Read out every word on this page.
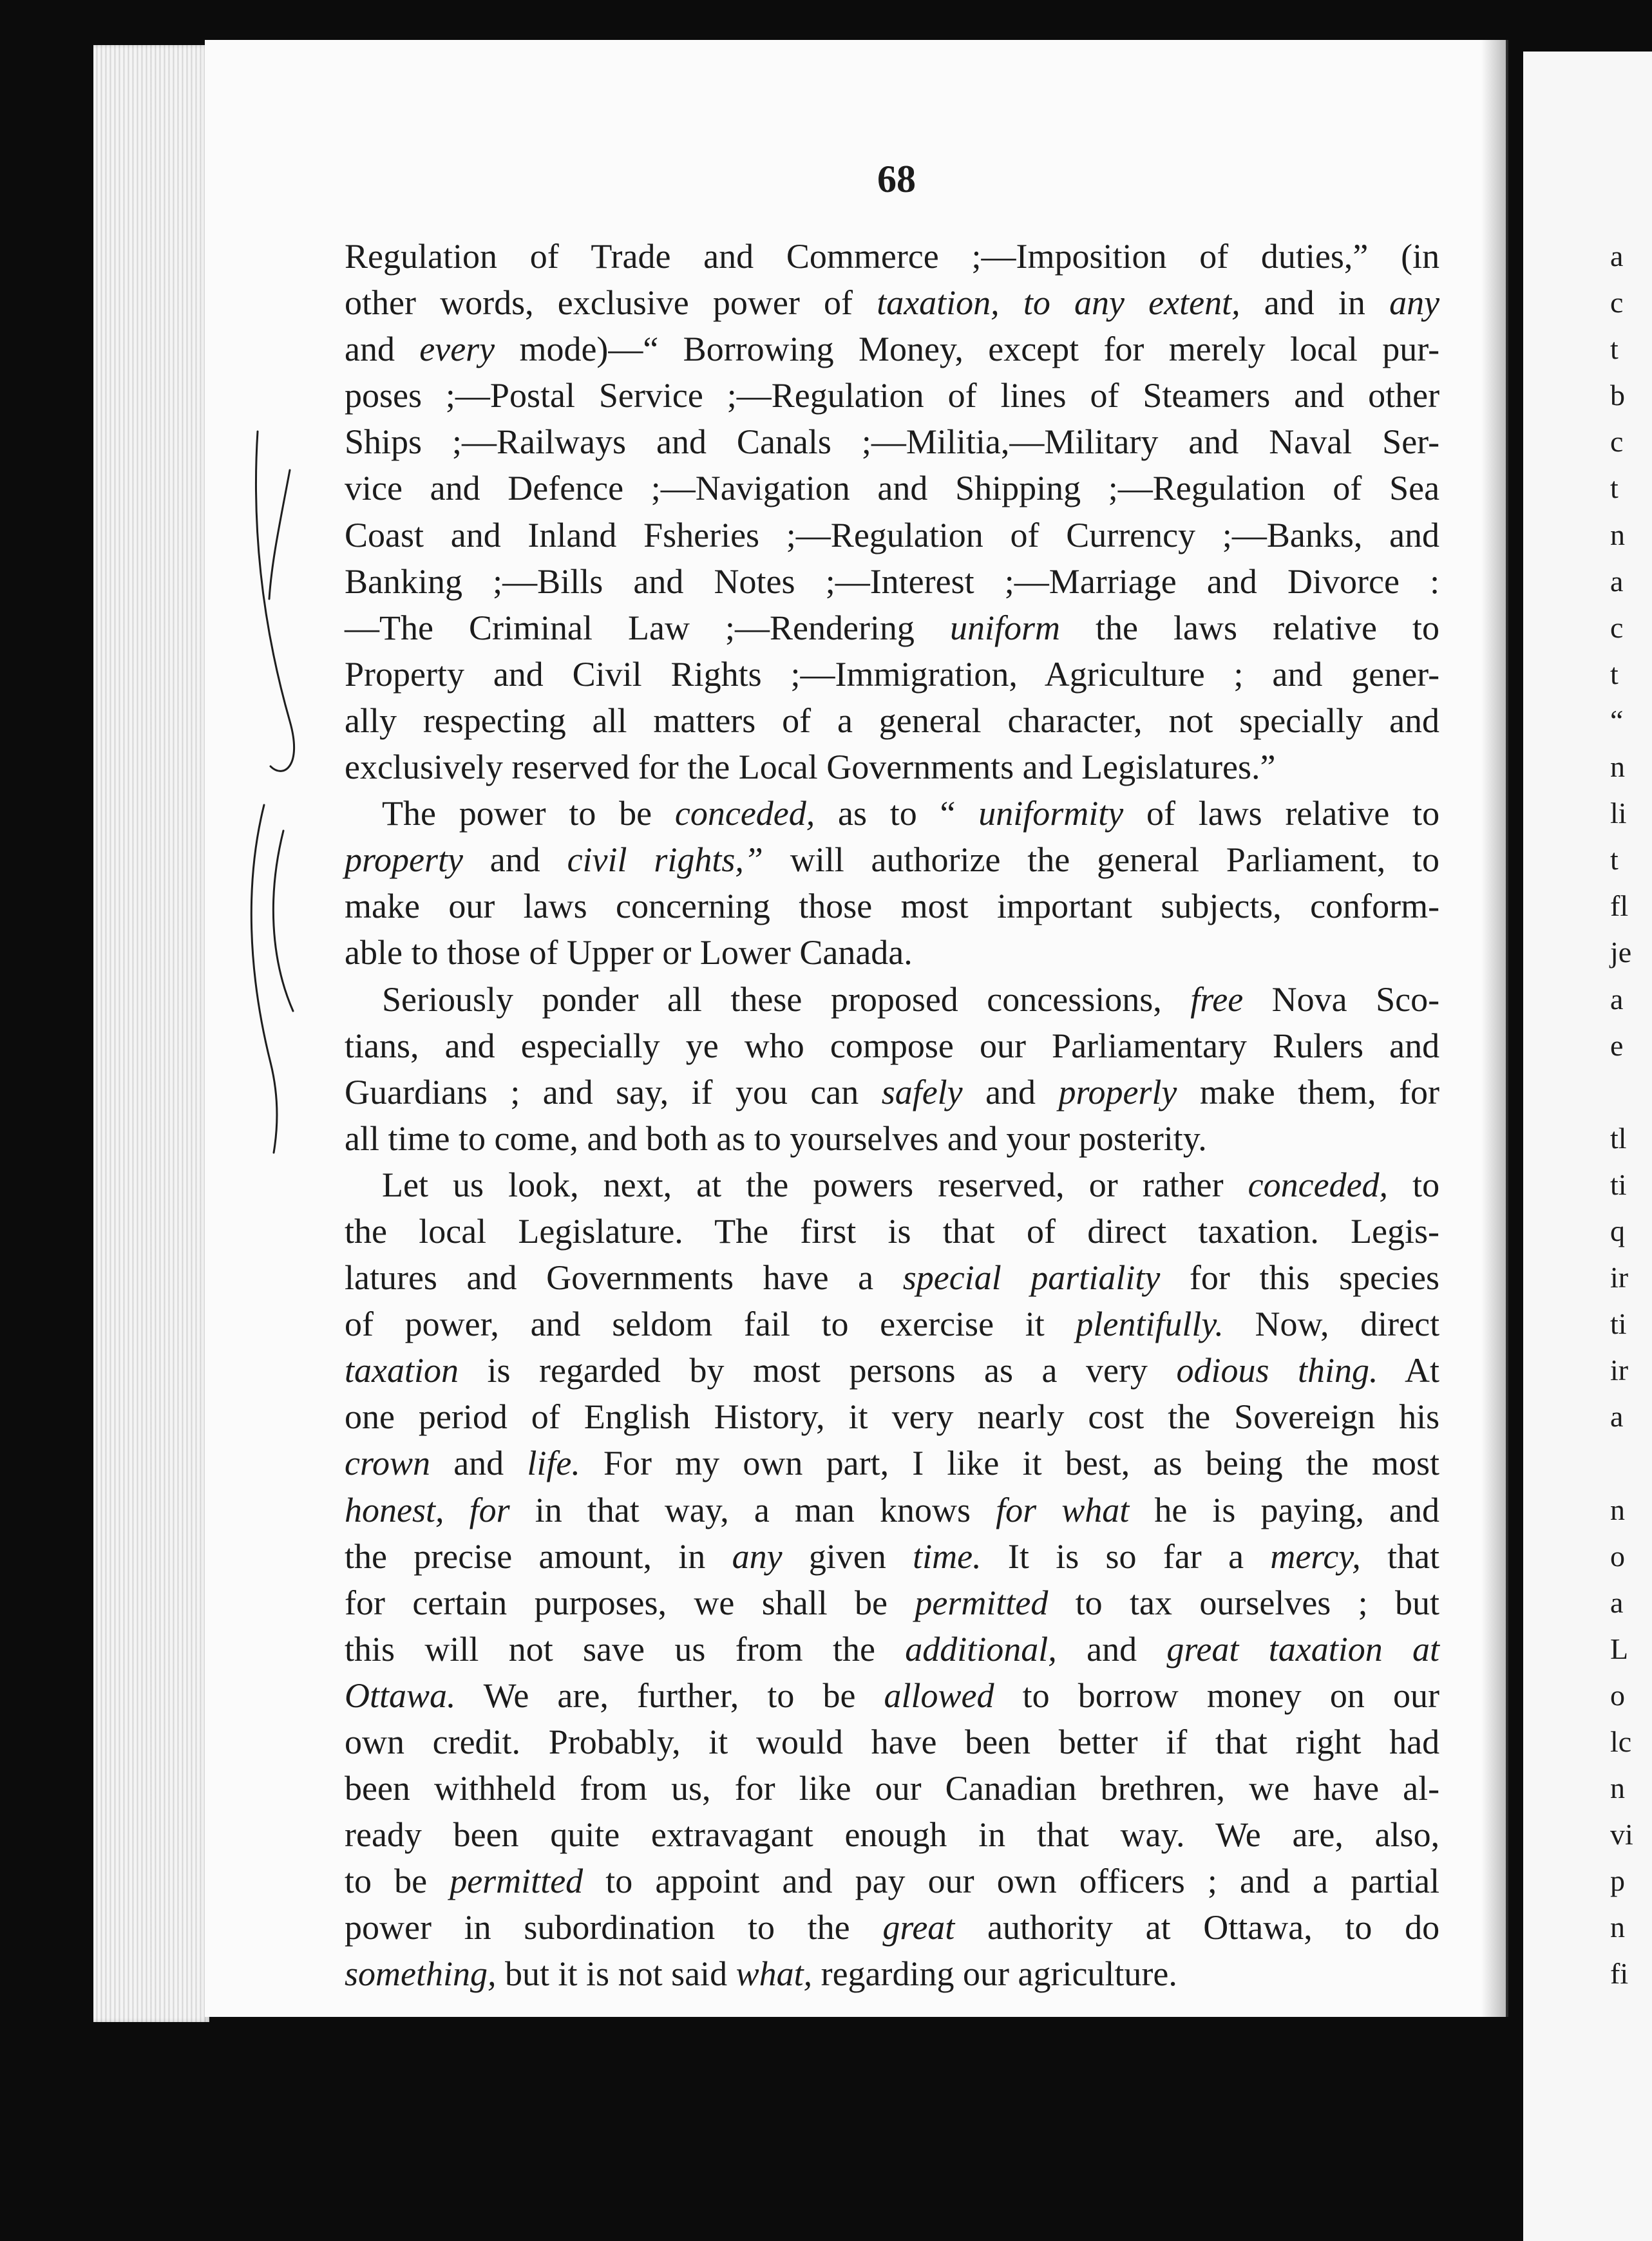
68
Regulation of Trade and Commerce ;—Imposition of duties,” (in
other words, exclusive power of taxation, to any extent, and in any
and every mode)—“ Borrowing Money, except for merely local pur-
poses ;—Postal Service ;—Regulation of lines of Steamers and other
Ships ;—Railways and Canals ;—Militia,—Military and Naval Ser-
vice and Defence ;—Navigation and Shipping ;—Regulation of Sea
Coast and Inland Fsheries ;—Regulation of Currency ;—Banks, and
Banking ;—Bills and Notes ;—Interest ;—Marriage and Divorce :
—The Criminal Law ;—Rendering uniform the laws relative to
Property and Civil Rights ;—Immigration, Agriculture ; and gener-
ally respecting all matters of a general character, not specially and
exclusively reserved for the Local Governments and Legislatures.”
The power to be conceded, as to “ uniformity of laws relative to
property and civil rights,” will authorize the general Parliament, to
make our laws concerning those most important subjects, conform-
able to those of Upper or Lower Canada.
Seriously ponder all these proposed concessions, free Nova Sco-
tians, and especially ye who compose our Parliamentary Rulers and
Guardians ; and say, if you can safely and properly make them, for
all time to come, and both as to yourselves and your posterity.
Let us look, next, at the powers reserved, or rather conceded, to
the local Legislature. The first is that of direct taxation. Legis-
latures and Governments have a special partiality for this species
of power, and seldom fail to exercise it plentifully. Now, direct
taxation is regarded by most persons as a very odious thing. At
one period of English History, it very nearly cost the Sovereign his
crown and life. For my own part, I like it best, as being the most
honest, for in that way, a man knows for what he is paying, and
the precise amount, in any given time. It is so far a mercy, that
for certain purposes, we shall be permitted to tax ourselves ; but
this will not save us from the additional, and great taxation at
Ottawa. We are, further, to be allowed to borrow money on our
own credit. Probably, it would have been better if that right had
been withheld from us, for like our Canadian brethren, we have al-
ready been quite extravagant enough in that way. We are, also,
to be permitted to appoint and pay our own officers ; and a partial
power in subordination to the great authority at Ottawa, to do
something, but it is not said what, regarding our agriculture.
a
c
t
b
c
t
n
a
c
t
“
n
li
t
fl
je
a
e
tl
ti
q
ir
ti
ir
a
n
o
a
L
o
lc
n
vi
p
n
fi
